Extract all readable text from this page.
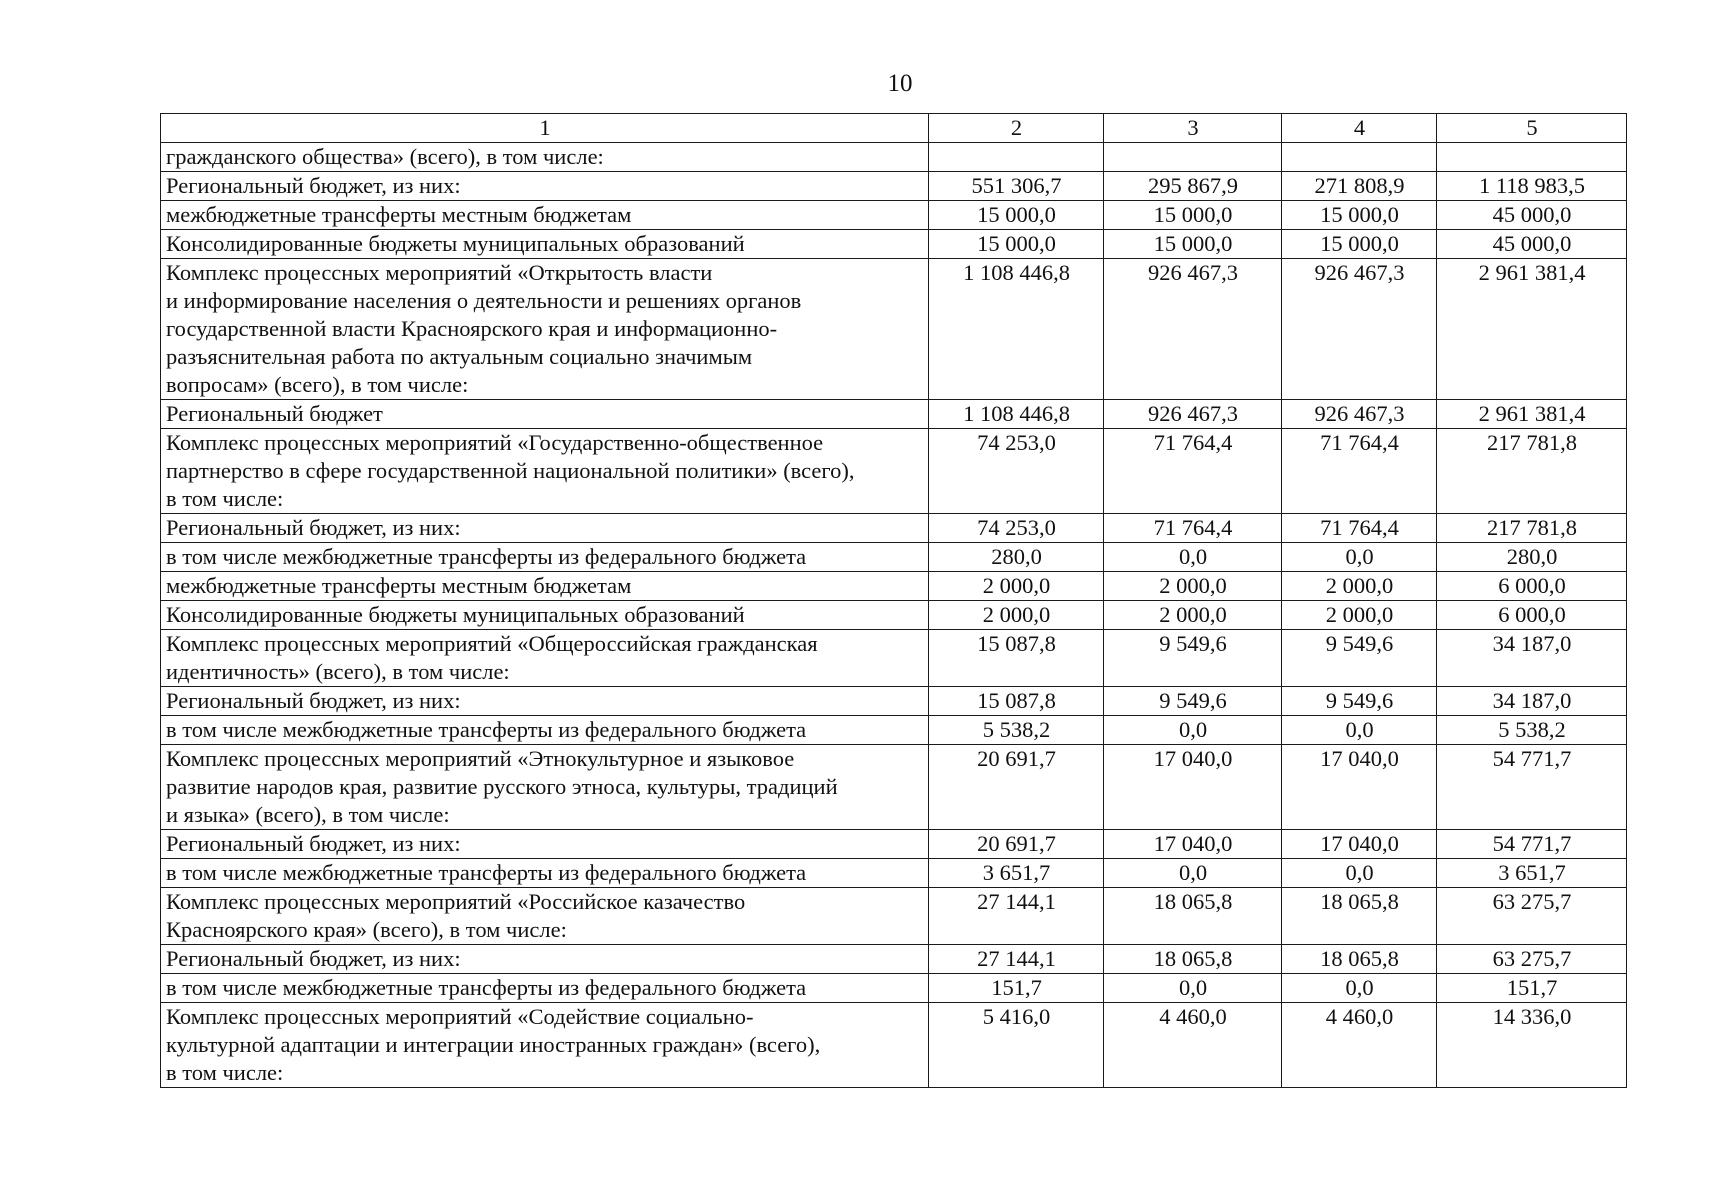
10
1	2	3	4	5
гражданского общества» (всего), в том числе:				
Региональный бюджет, из них:	551 306,7	295 867,9	271 808,9	1 118 983,5
межбюджетные трансферты местным бюджетам	15 000,0	15 000,0	15 000,0	45 000,0
Консолидированные бюджеты муниципальных образований	15 000,0	15 000,0	15 000,0	45 000,0
Комплекс процессных мероприятий «Открытость власти
и информирование населения о деятельности и решениях органов
государственной власти Красноярского края и информационно-
разъяснительная работа по актуальным социально значимым
вопросам» (всего), в том числе:	1 108 446,8	926 467,3	926 467,3	2 961 381,4
Региональный бюджет	1 108 446,8	926 467,3	926 467,3	2 961 381,4
Комплекс процессных мероприятий «Государственно-общественное
партнерство в сфере государственной национальной политики» (всего),
в том числе:	74 253,0	71 764,4	71 764,4	217 781,8
Региональный бюджет, из них:	74 253,0	71 764,4	71 764,4	217 781,8
в том числе межбюджетные трансферты из федерального бюджета	280,0	0,0	0,0	280,0
межбюджетные трансферты местным бюджетам	2 000,0	2 000,0	2 000,0	6 000,0
Консолидированные бюджеты муниципальных образований	2 000,0	2 000,0	2 000,0	6 000,0
Комплекс процессных мероприятий «Общероссийская гражданская
идентичность» (всего), в том числе:	15 087,8	9 549,6	9 549,6	34 187,0
Региональный бюджет, из них:	15 087,8	9 549,6	9 549,6	34 187,0
в том числе межбюджетные трансферты из федерального бюджета	5 538,2	0,0	0,0	5 538,2
Комплекс процессных мероприятий «Этнокультурное и языковое
развитие народов края, развитие русского этноса, культуры, традиций
и языка» (всего), в том числе:	20 691,7	17 040,0	17 040,0	54 771,7
Региональный бюджет, из них:	20 691,7	17 040,0	17 040,0	54 771,7
в том числе межбюджетные трансферты из федерального бюджета	3 651,7	0,0	0,0	3 651,7
Комплекс процессных мероприятий «Российское казачество
Красноярского края» (всего), в том числе:	27 144,1	18 065,8	18 065,8	63 275,7
Региональный бюджет, из них:	27 144,1	18 065,8	18 065,8	63 275,7
в том числе межбюджетные трансферты из федерального бюджета	151,7	0,0	0,0	151,7
Комплекс процессных мероприятий «Содействие социально-
культурной адаптации и интеграции иностранных граждан» (всего),
в том числе:	5 416,0	4 460,0	4 460,0	14 336,0
